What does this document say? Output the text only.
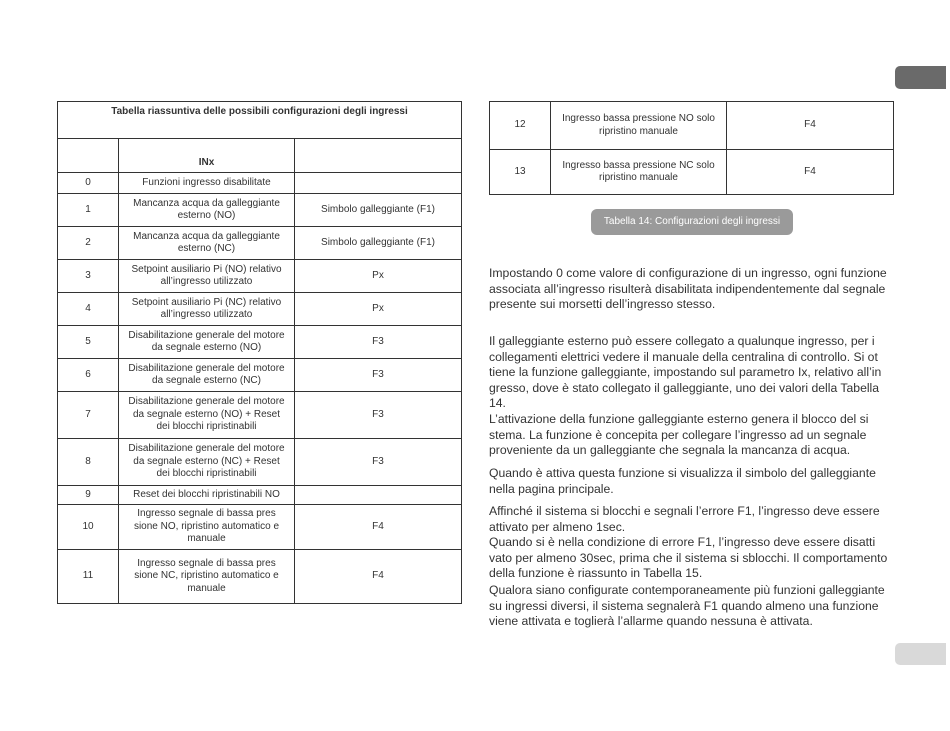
Tabella riassuntiva delle possibili configurazioni degli ingressi		
	INx	
0	Funzioni ingresso disabilitate	

1	Mancanza acqua da galleggiante
esterno (NO)	Simbolo galleggiante (F1)
2	Mancanza acqua da galleggiante
esterno (NC)	Simbolo galleggiante (F1)
3	Setpoint ausiliario Pi (NO) relativo
all’ingresso utilizzato	Px
4	Setpoint ausiliario Pi (NC) relativo
all’ingresso utilizzato	Px
5	Disabilitazione generale del motore
da segnale esterno (NO)	F3
6	Disabilitazione generale del motore
da segnale esterno (NC)	F3
7	Disabilitazione generale del motore
da segnale esterno (NO) + Reset
dei blocchi ripristinabili	F3
8	Disabilitazione generale del motore
da segnale esterno (NC) + Reset
dei blocchi ripristinabili	F3
9	Reset dei blocchi ripristinabili NO	

10	Ingresso segnale di bassa pres
sione NO, ripristino automatico e
manuale	F4
11	Ingresso segnale di bassa pres
sione NC, ripristino automatico e
manuale	F4
12	Ingresso bassa pressione NO solo
ripristino manuale	F4
13	Ingresso bassa pressione NC solo
ripristino manuale	F4
Tabella 14: Configurazioni degli ingressi

Impostando 0 come valore di configurazione di un ingresso, ogni funzione
associata all’ingresso risulterà disabilitata indipendentemente dal segnale
presente sui morsetti dell’ingresso stesso.

Il galleggiante esterno può essere collegato a qualunque ingresso, per i
collegamenti elettrici vedere il manuale della centralina di controllo. Si ot
tiene la funzione galleggiante, impostando sul parametro Ix, relativo all’in
gresso, dove è stato collegato il galleggiante, uno dei valori della Tabella
14.

L’attivazione della funzione galleggiante esterno genera il blocco del si
stema. La funzione è concepita per collegare l’ingresso ad un segnale
proveniente da un galleggiante che segnala la mancanza di acqua.

Quando è attiva questa funzione si visualizza il simbolo del galleggiante
nella pagina principale.

Affinché il sistema si blocchi e segnali l’errore F1, l’ingresso deve essere
attivato per almeno 1sec.
Quando si è nella condizione di errore F1, l’ingresso deve essere disatti
vato per almeno 30sec, prima che il sistema si sblocchi. Il comportamento
della funzione è riassunto in Tabella 15.

Qualora siano configurate contemporaneamente più funzioni galleggiante
su ingressi diversi, il sistema segnalerà F1 quando almeno una funzione
viene attivata e toglierà l’allarme quando nessuna è attivata.
